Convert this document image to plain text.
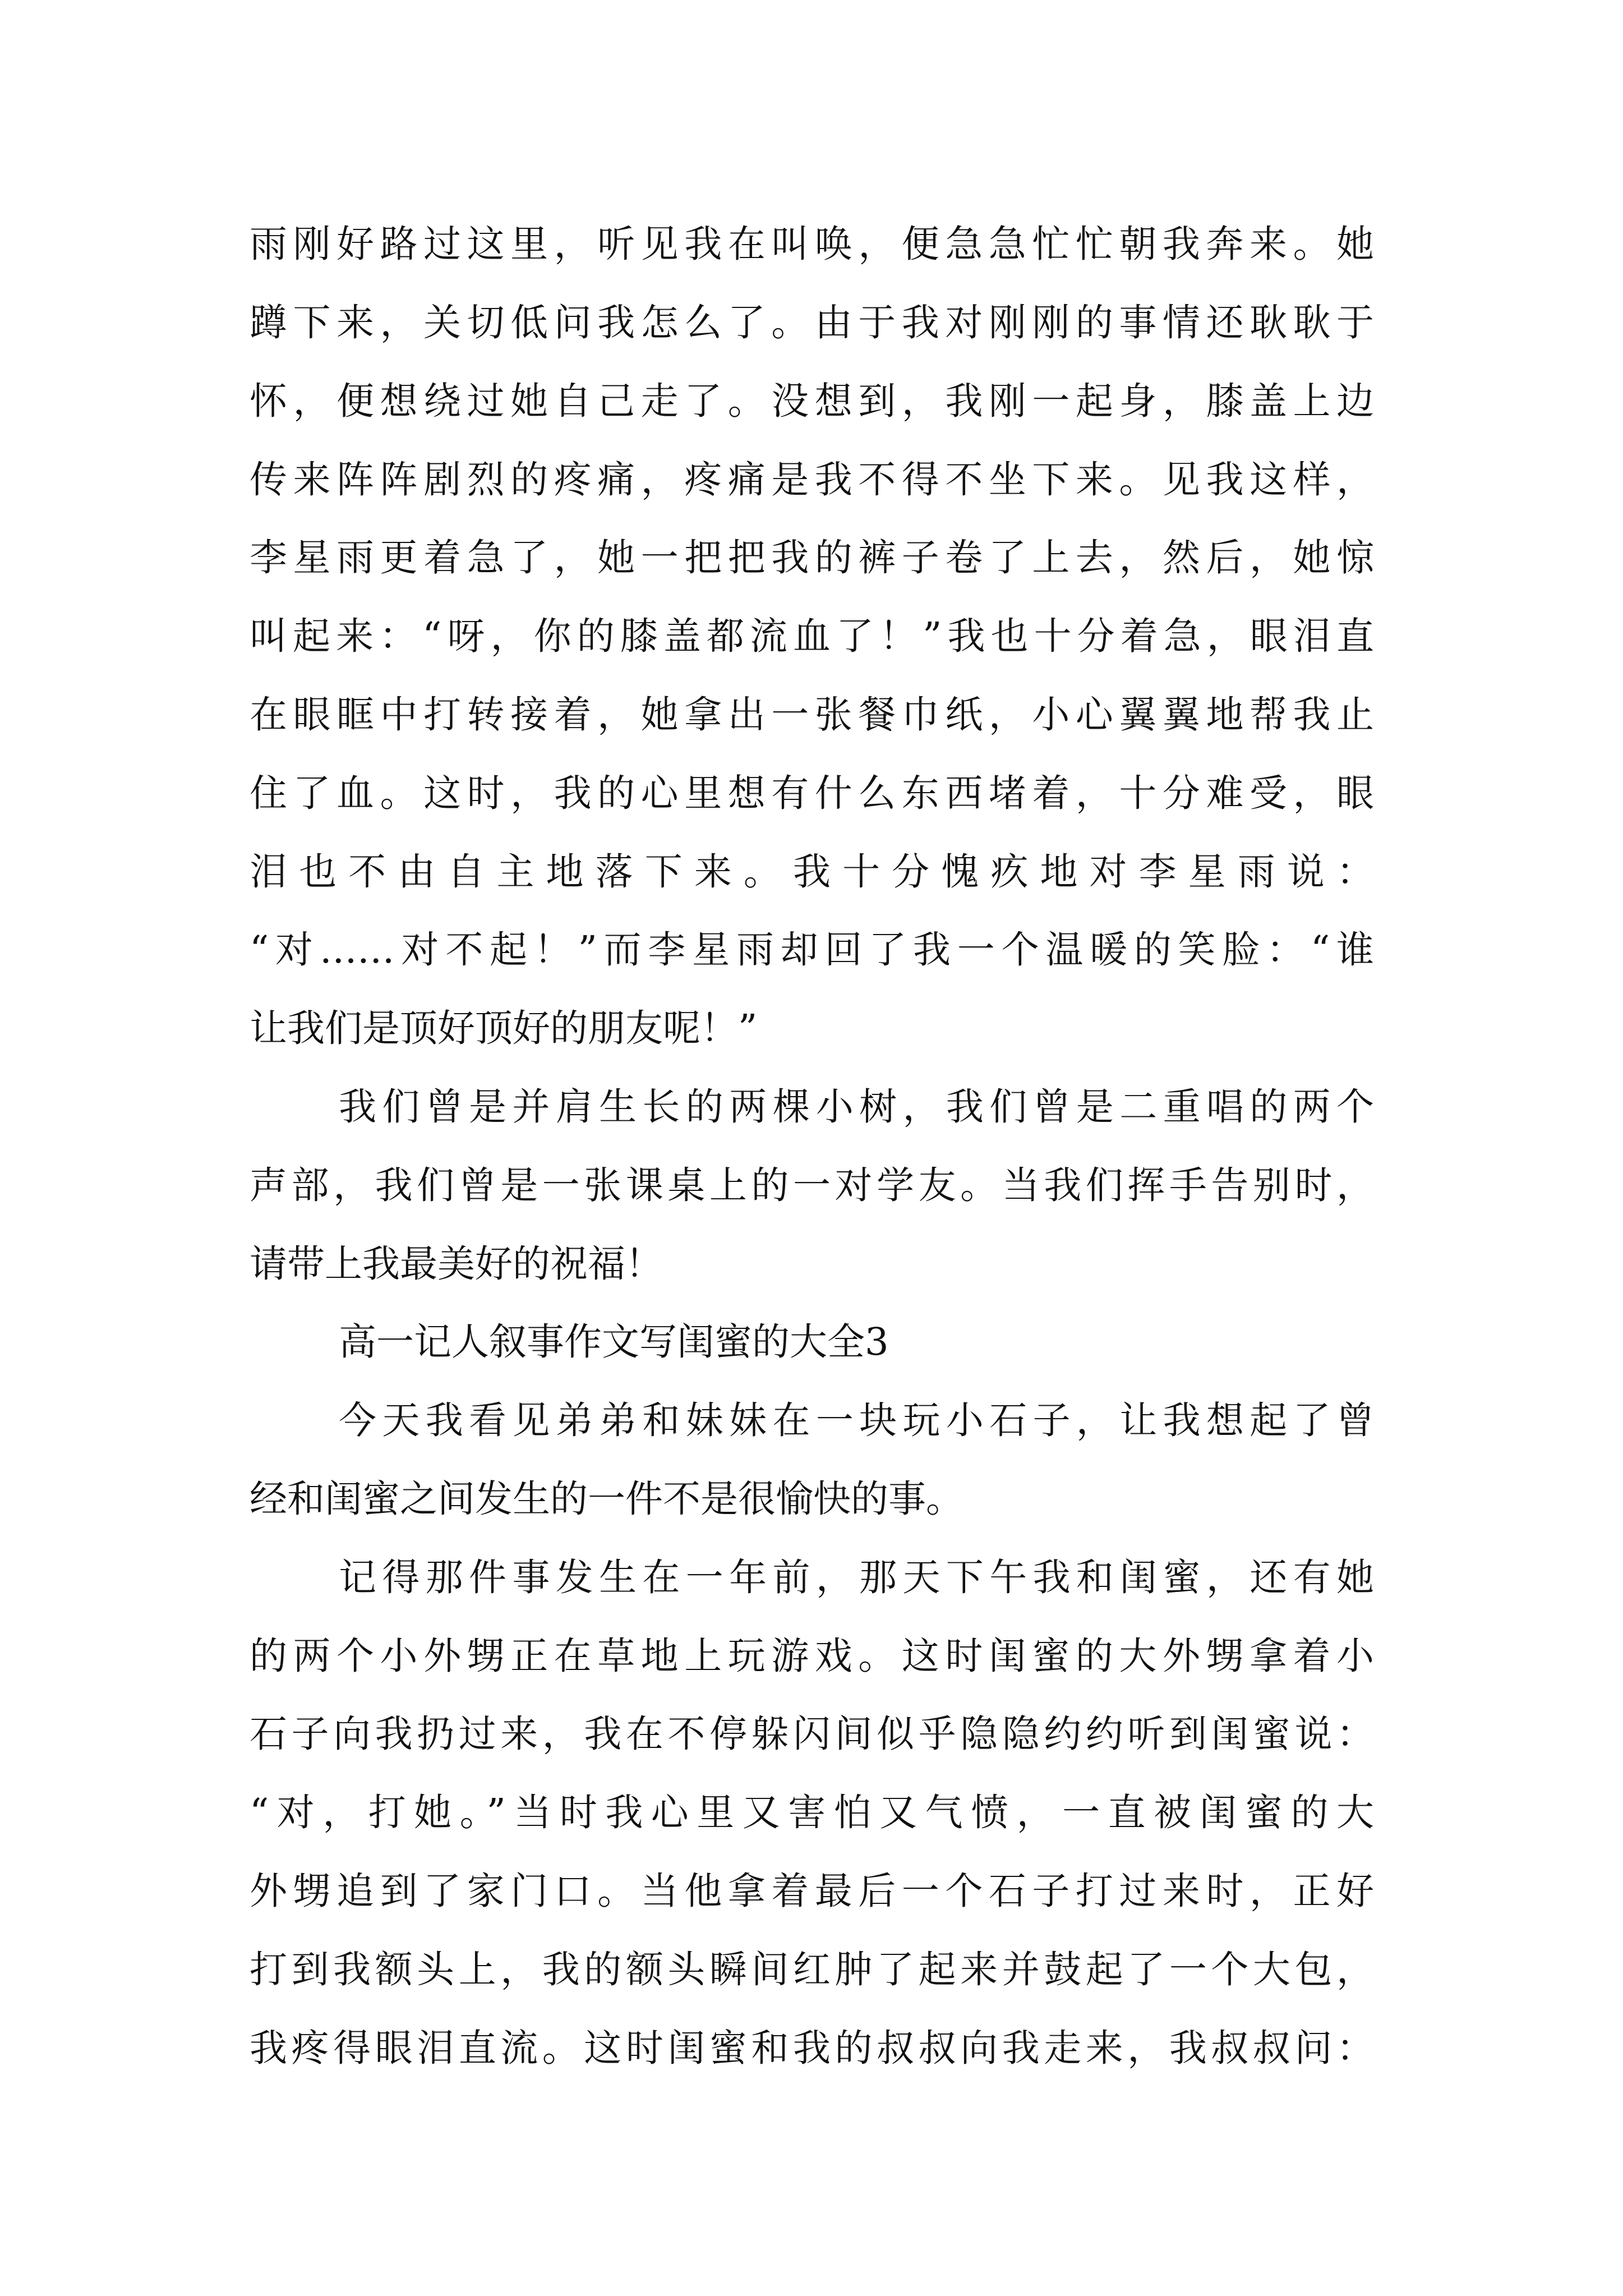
雨刚好路过这里，听见我在叫唤，便急急忙忙朝我奔来。她
蹲下来，关切低问我怎么了。由于我对刚刚的事情还耿耿于
怀，便想绕过她自己走了。没想到，我刚一起身，膝盖上边
传来阵阵剧烈的疼痛，疼痛是我不得不坐下来。见我这样，
李星雨更着急了，她一把把我的裤子卷了上去，然后，她惊
叫起来：“呀，你的膝盖都流血了！”我也十分着急，眼泪直
在眼眶中打转接着，她拿出一张餐巾纸，小心翼翼地帮我止
住了血。这时，我的心里想有什么东西堵着，十分难受，眼
泪也不由自主地落下来。我十分愧疚地对李星雨说：
“对……对不起！”而李星雨却回了我一个温暖的笑脸：“谁
让我们是顶好顶好的朋友呢！”
我们曾是并肩生长的两棵小树，我们曾是二重唱的两个
声部，我们曾是一张课桌上的一对学友。当我们挥手告别时，
请带上我最美好的祝福！
高一记人叙事作文写闺蜜的大全3
今天我看见弟弟和妹妹在一块玩小石子，让我想起了曾
经和闺蜜之间发生的一件不是很愉快的事。
记得那件事发生在一年前，那天下午我和闺蜜，还有她
的两个小外甥正在草地上玩游戏。这时闺蜜的大外甥拿着小
石子向我扔过来，我在不停躲闪间似乎隐隐约约听到闺蜜说：
“对，打她。”当时我心里又害怕又气愤，一直被闺蜜的大
外甥追到了家门口。当他拿着最后一个石子打过来时，正好
打到我额头上，我的额头瞬间红肿了起来并鼓起了一个大包，
我疼得眼泪直流。这时闺蜜和我的叔叔向我走来，我叔叔问：
